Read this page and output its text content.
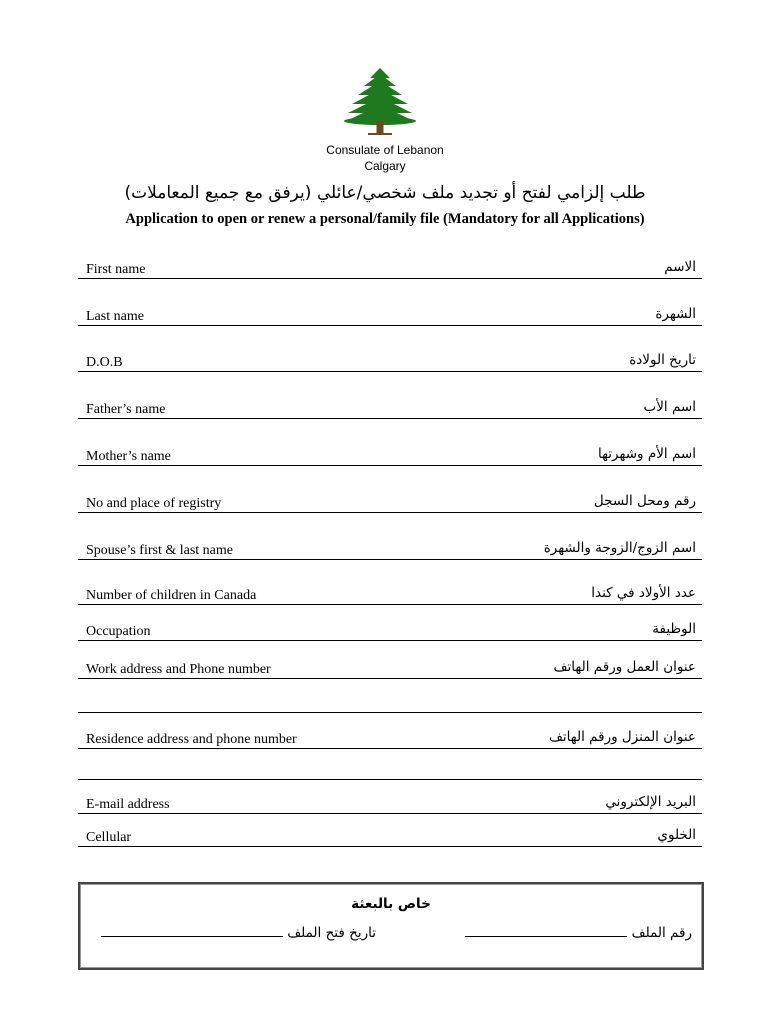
Consulate of Lebanon
Calgary
طلب إلزامي لفتح أو تجديد ملف شخصي/عائلي (يرفق مع جميع المعاملات)
Application to open or renew a personal/family file (Mandatory for all Applications)
First name	الاسم
Last name	الشهرة
D.O.B	تاريخ الولادة
Father’s name	اسم الأب
Mother’s name	اسم الأم وشهرتها
No and place of registry	رقم ومحل السجل
Spouse’s first & last name	اسم الزوج/الزوجة والشهرة
Number of children in Canada	عدد الأولاد في كندا
Occupation	الوظيفة
Work address and Phone number	عنوان العمل ورقم الهاتف
Residence address and phone number	عنوان المنزل ورقم الهاتف
E-mail address	البريد الإلكتروني
Cellular	الخلوي
خاص بالبعثة
رقم الملف
تاريخ فتح الملف
